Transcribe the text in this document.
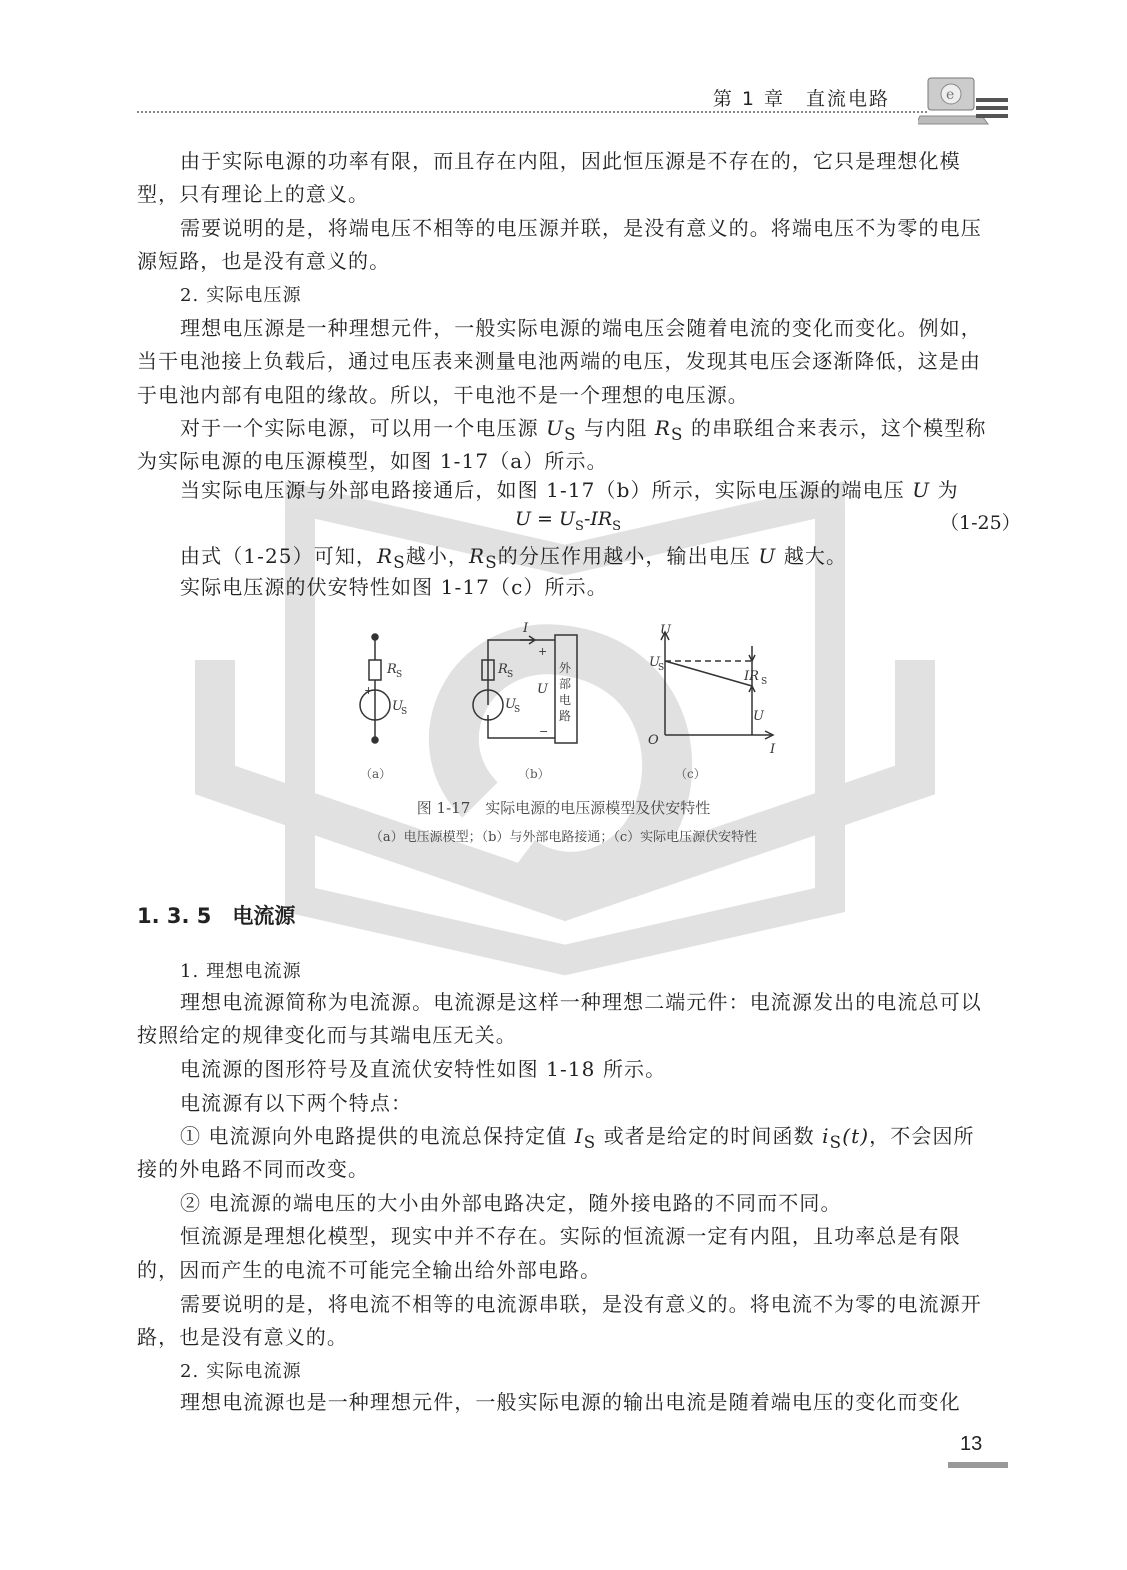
第 1 章　直流电路	e
由于实际电源的功率有限，而且存在内阻，因此恒压源是不存在的，它只是理想化模
型，只有理论上的意义。
需要说明的是，将端电压不相等的电压源并联，是没有意义的。将端电压不为零的电压
源短路，也是没有意义的。
2. 实际电压源
理想电压源是一种理想元件，一般实际电源的端电压会随着电流的变化而变化。例如，
当干电池接上负载后，通过电压表来测量电池两端的电压，发现其电压会逐渐降低，这是由
于电池内部有电阻的缘故。所以，干电池不是一个理想的电压源。
对于一个实际电源，可以用一个电压源 $U_S$ 与内阻 $R_S$ 的串联组合来表示，这个模型称
为实际电源的电压源模型，如图 1-17（a）所示。
当实际电压源与外部电路接通后，如图 1-17（b）所示，实际电压源的端电压 U 为
$U = U_S-IR_S$	（1-25）
由式（1-25）可知，$R_S$越小，$R_S$的分压作用越小，输出电压 U 越大。
实际电压源的伏安特性如图 1-17（c）所示。
R S
+
U
S
I
R S
U
S
+
U
−
外
部
电
路
U
U
S
IR S
U
O
I
（a）	（b）	（c）
图 1-17　实际电源的电压源模型及伏安特性
（a）电压源模型；（b）与外部电路接通；（c）实际电压源伏安特性
1. 3. 5　 电流源
1. 理想电流源
理想电流源简称为电流源。电流源是这样一种理想二端元件：电流源发出的电流总可以
按照给定的规律变化而与其端电压无关。
电流源的图形符号及直流伏安特性如图 1-18 所示。
电流源有以下两个特点：
① 电流源向外电路提供的电流总保持定值 $I_S$ 或者是给定的时间函数 $i_S(t)$，不会因所
接的外电路不同而改变。
② 电流源的端电压的大小由外部电路决定，随外接电路的不同而不同。
恒流源是理想化模型，现实中并不存在。实际的恒流源一定有内阻，且功率总是有限
的，因而产生的电流不可能完全输出给外部电路。
需要说明的是，将电流不相等的电流源串联，是没有意义的。将电流不为零的电流源开
路，也是没有意义的。
2. 实际电流源
理想电流源也是一种理想元件，一般实际电源的输出电流是随着端电压的变化而变化
13
